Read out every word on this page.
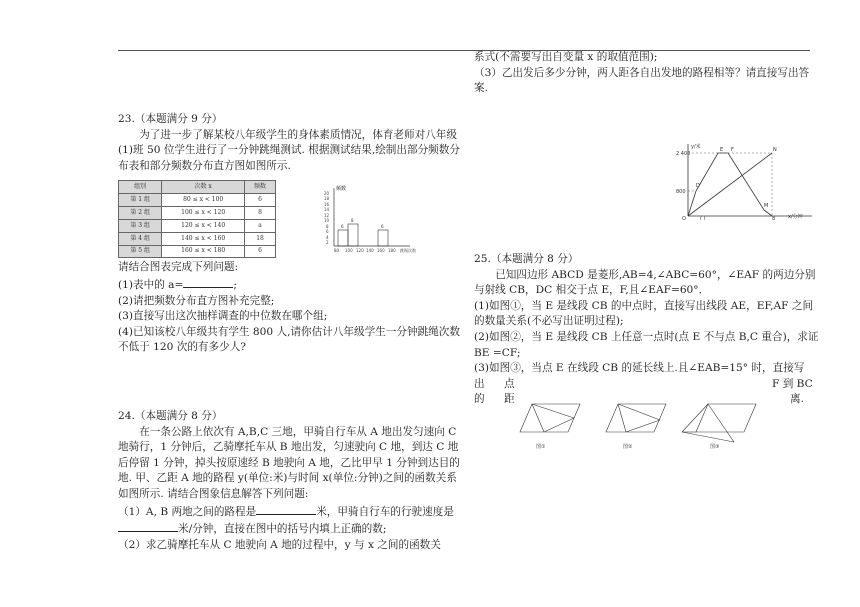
23.（本题满分 9 分）

为了进一步了解某校八年级学生的身体素质情况，体育老师对八年级(1)班 50 位学生进行了一分钟跳绳测试. 根据测试结果,绘制出部分频数分布表和部分频数分布直方图如图所示.

组别	次数 x	频数
第 1 组	80 ≤ x < 100	6
第 2 组	100 ≤ x < 120	8
第 3 组	120 ≤ x < 140	a
第 4 组	140 ≤ x < 160	18
第 5 组	160 ≤ x < 180	6
频数
20
18
16
14
12
10
8
6
4
2
6
8
6
80 100 120 140 160 180 跳绳次数

请结合图表完成下列问题:

(1)表中的 a=	;

(2)请把频数分布直方图补充完整;

(3)直接写出这次抽样调查的中位数在哪个组;

(4)已知该校八年级共有学生 800 人,请你估计八年级学生一分钟跳绳次数不低于 120 次的有多少人?

24.（本题满分 8 分）

在一条公路上依次有 A,B,C 三地，甲骑自行车从 A 地出发匀速向 C 地骑行，1 分钟后，乙骑摩托车从 B 地出发，匀速驶向 C 地，到达 C 地后停留 1 分钟，掉头按原速经 B 地驶向 A 地，乙比甲早 1 分钟到达目的地. 甲、乙距 A 地的路程 y(单位:米)与时间 x(单位:分钟)之间的函数关系如图所示. 请结合图象信息解答下列问题:

（1）A, B 两地之间的路程是	米，甲骑自行车的行驶速度是米/分钟，直接在图中的括号内填上正确的数;

（2）求乙骑摩托车从 C 地驶向 A 地的过程中，y 与 x 之间的函数关

系式(不需要写出自变量 x 的取值范围);

（3）乙出发后多少分钟，两人距各自出发地的路程相等？请直接写出答案.

y/米
x/分钟
2 400
800
8
O	( )
E F	N
D
M

25.（本题满分 8 分）

已知四边形 ABCD 是菱形,AB=4,∠ABC=60°，∠EAF 的两边分别与射线 CB，DC 相交于点 E，F,且∠EAF=60°．

(1)如图①，当 E 是线段 CB 的中点时，直接写出线段 AE，EF,AF 之间的数量关系(不必写出证明过程);

(2)如图②，当 E 是线段 CB 上任意一点时(点 E 不与点 B,C 重合)，求证 BE =CF;

(3)如图③，当点 E 在线段 CB 的延长线上.且∠EAB=15° 时，直接写

出	点	F 到 BC

的	距	离.

图①	图②	图③
